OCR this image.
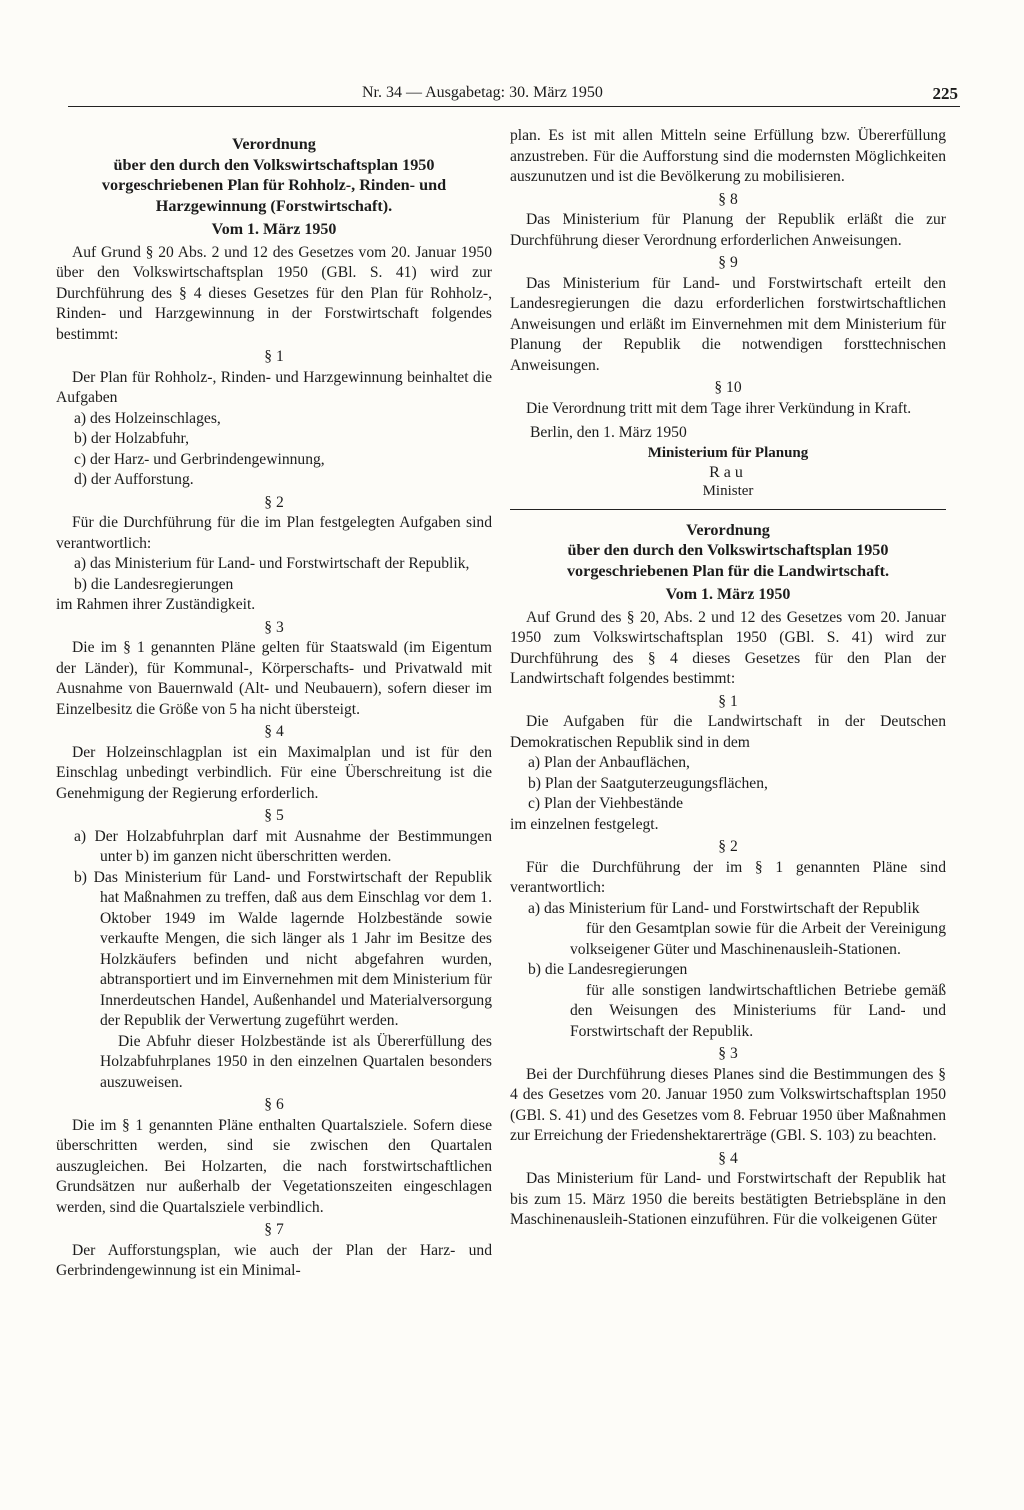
Nr. 34 — Ausgabetag: 30. März 1950	225
Verordnung
über den durch den Volkswirtschaftsplan 1950
vorgeschriebenen Plan für Rohholz-, Rinden- und
Harzgewinnung (Forstwirtschaft).
Vom 1. März 1950

Auf Grund § 20 Abs. 2 und 12 des Gesetzes vom 20. Januar 1950 über den Volkswirtschaftsplan 1950 (GBl. S. 41) wird zur Durchführung des § 4 dieses Gesetzes für den Plan für Rohholz-, Rinden- und Harzgewinnung in der Forstwirtschaft folgendes bestimmt:

§ 1

Der Plan für Rohholz-, Rinden- und Harzgewinnung beinhaltet die Aufgaben

a) des Holzeinschlages,

b) der Holzabfuhr,

c) der Harz- und Gerbrindengewinnung,

d) der Aufforstung.

§ 2

Für die Durchführung für die im Plan festgelegten Aufgaben sind verantwortlich:

a) das Ministerium für Land- und Forstwirtschaft der Republik,

b) die Landesregierungen

im Rahmen ihrer Zuständigkeit.

§ 3

Die im § 1 genannten Pläne gelten für Staatswald (im Eigentum der Länder), für Kommunal-, Körperschafts- und Privatwald mit Ausnahme von Bauernwald (Alt- und Neubauern), sofern dieser im Einzelbesitz die Größe von 5 ha nicht übersteigt.

§ 4

Der Holzeinschlagplan ist ein Maximalplan und ist für den Einschlag unbedingt verbindlich. Für eine Überschreitung ist die Genehmigung der Regierung erforderlich.

§ 5

a) Der Holzabfuhrplan darf mit Ausnahme der Bestimmungen unter b) im ganzen nicht überschritten werden.

b) Das Ministerium für Land- und Forstwirtschaft der Republik hat Maßnahmen zu treffen, daß aus dem Einschlag vor dem 1. Oktober 1949 im Walde lagernde Holzbestände sowie verkaufte Mengen, die sich länger als 1 Jahr im Besitze des Holzkäufers befinden und nicht abgefahren wurden, abtransportiert und im Einvernehmen mit dem Ministerium für Innerdeutschen Handel, Außenhandel und Materialversorgung der Republik der Verwertung zugeführt werden.

Die Abfuhr dieser Holzbestände ist als Übererfüllung des Holzabfuhrplanes 1950 in den einzelnen Quartalen besonders auszuweisen.

§ 6

Die im § 1 genannten Pläne enthalten Quartalsziele. Sofern diese überschritten werden, sind sie zwischen den Quartalen auszugleichen. Bei Holzarten, die nach forstwirtschaftlichen Grundsätzen nur außerhalb der Vegetationszeiten eingeschlagen werden, sind die Quartalsziele verbindlich.

§ 7

Der Aufforstungsplan, wie auch der Plan der Harz- und Gerbrindengewinnung ist ein Minimal-

plan. Es ist mit allen Mitteln seine Erfüllung bzw. Übererfüllung anzustreben. Für die Aufforstung sind die modernsten Möglichkeiten auszunutzen und ist die Bevölkerung zu mobilisieren.

§ 8

Das Ministerium für Planung der Republik erläßt die zur Durchführung dieser Verordnung erforderlichen Anweisungen.

§ 9

Das Ministerium für Land- und Forstwirtschaft erteilt den Landesregierungen die dazu erforderlichen forstwirtschaftlichen Anweisungen und erläßt im Einvernehmen mit dem Ministerium für Planung der Republik die notwendigen forsttechnischen Anweisungen.

§ 10

Die Verordnung tritt mit dem Tage ihrer Verkündung in Kraft.

Berlin, den 1. März 1950

Ministerium für Planung
Rau
Minister
Verordnung
über den durch den Volkswirtschaftsplan 1950
vorgeschriebenen Plan für die Landwirtschaft.
Vom 1. März 1950

Auf Grund des § 20, Abs. 2 und 12 des Gesetzes vom 20. Januar 1950 zum Volkswirtschaftsplan 1950 (GBl. S. 41) wird zur Durchführung des § 4 dieses Gesetzes für den Plan der Landwirtschaft folgendes bestimmt:

§ 1

Die Aufgaben für die Landwirtschaft in der Deutschen Demokratischen Republik sind in dem

a) Plan der Anbauflächen,

b) Plan der Saatguterzeugungsflächen,

c) Plan der Viehbestände

im einzelnen festgelegt.

§ 2

Für die Durchführung der im § 1 genannten Pläne sind verantwortlich:

a) das Ministerium für Land- und Forstwirtschaft der Republik

für den Gesamtplan sowie für die Arbeit der Vereinigung volkseigener Güter und Maschinenausleih-Stationen.

b) die Landesregierungen

für alle sonstigen landwirtschaftlichen Betriebe gemäß den Weisungen des Ministeriums für Land- und Forstwirtschaft der Republik.

§ 3

Bei der Durchführung dieses Planes sind die Bestimmungen des § 4 des Gesetzes vom 20. Januar 1950 zum Volkswirtschaftsplan 1950 (GBl. S. 41) und des Gesetzes vom 8. Februar 1950 über Maßnahmen zur Erreichung der Friedenshektarerträge (GBl. S. 103) zu beachten.

§ 4

Das Ministerium für Land- und Forstwirtschaft der Republik hat bis zum 15. März 1950 die bereits bestätigten Betriebspläne in den Maschinenausleih-Stationen einzuführen. Für die volkeigenen Güter
